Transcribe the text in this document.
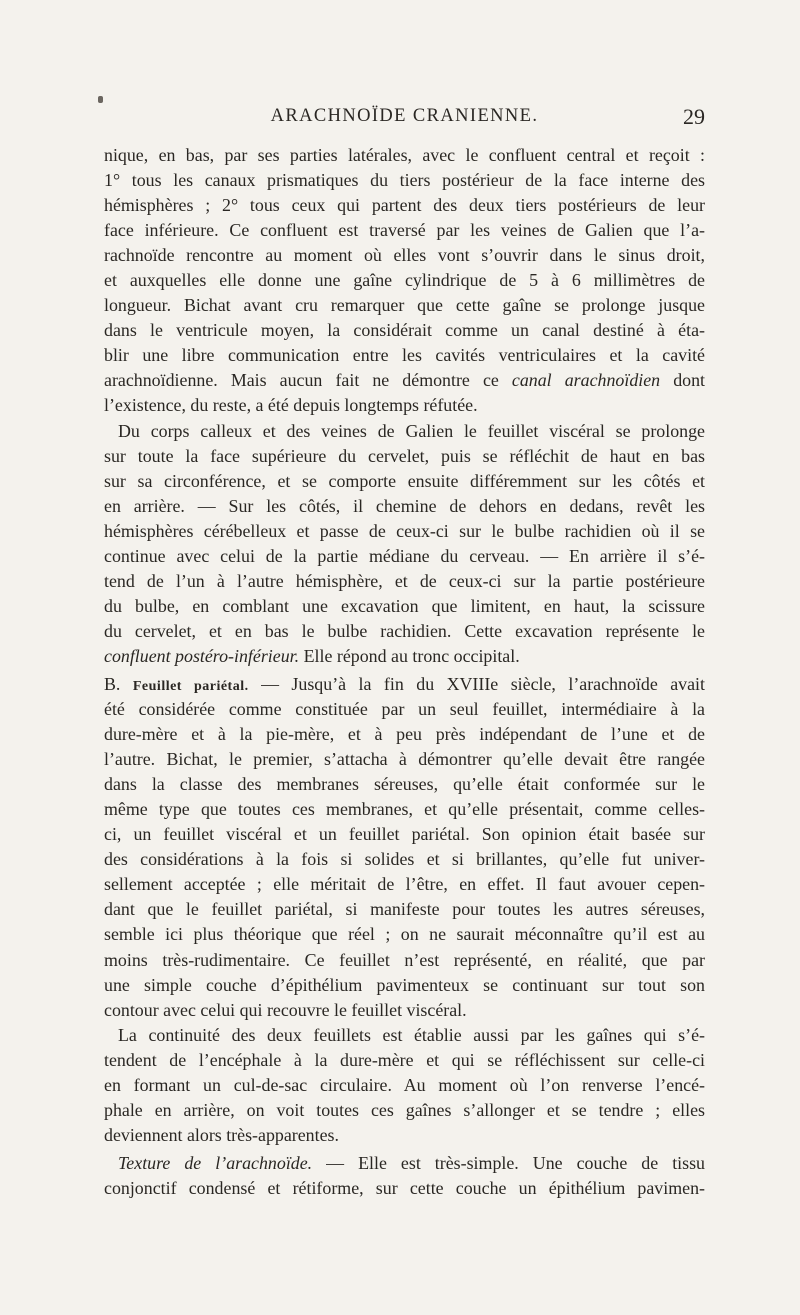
ARACHNOÏDE CRANIENNE.	29
nique, en bas, par ses parties latérales, avec le confluent central et reçoit :
1° tous les canaux prismatiques du tiers postérieur de la face interne des
hémisphères ; 2° tous ceux qui partent des deux tiers postérieurs de leur
face inférieure. Ce confluent est traversé par les veines de Galien que l’a-
rachnoïde rencontre au moment où elles vont s’ouvrir dans le sinus droit,
et auxquelles elle donne une gaîne cylindrique de 5 à 6 millimètres de
longueur. Bichat avant cru remarquer que cette gaîne se prolonge jusque
dans le ventricule moyen, la considérait comme un canal destiné à éta-
blir une libre communication entre les cavités ventriculaires et la cavité
arachnoïdienne. Mais aucun fait ne démontre ce canal arachnoïdien dont
l’existence, du reste, a été depuis longtemps réfutée.
Du corps calleux et des veines de Galien le feuillet viscéral se prolonge
sur toute la face supérieure du cervelet, puis se réfléchit de haut en bas
sur sa circonférence, et se comporte ensuite différemment sur les côtés et
en arrière. — Sur les côtés, il chemine de dehors en dedans, revêt les
hémisphères cérébelleux et passe de ceux-ci sur le bulbe rachidien où il se
continue avec celui de la partie médiane du cerveau. — En arrière il s’é-
tend de l’un à l’autre hémisphère, et de ceux-ci sur la partie postérieure
du bulbe, en comblant une excavation que limitent, en haut, la scissure
du cervelet, et en bas le bulbe rachidien. Cette excavation représente le
confluent postéro-inférieur. Elle répond au tronc occipital.
B. Feuillet pariétal. — Jusqu’à la fin du XVIIIe siècle, l’arachnoïde avait
été considérée comme constituée par un seul feuillet, intermédiaire à la
dure-mère et à la pie-mère, et à peu près indépendant de l’une et de
l’autre. Bichat, le premier, s’attacha à démontrer qu’elle devait être rangée
dans la classe des membranes séreuses, qu’elle était conformée sur le
même type que toutes ces membranes, et qu’elle présentait, comme celles-
ci, un feuillet viscéral et un feuillet pariétal. Son opinion était basée sur
des considérations à la fois si solides et si brillantes, qu’elle fut univer-
sellement acceptée ; elle méritait de l’être, en effet. Il faut avouer cepen-
dant que le feuillet pariétal, si manifeste pour toutes les autres séreuses,
semble ici plus théorique que réel ; on ne saurait méconnaître qu’il est au
moins très-rudimentaire. Ce feuillet n’est représenté, en réalité, que par
une simple couche d’épithélium pavimenteux se continuant sur tout son
contour avec celui qui recouvre le feuillet viscéral.
La continuité des deux feuillets est établie aussi par les gaînes qui s’é-
tendent de l’encéphale à la dure-mère et qui se réfléchissent sur celle-ci
en formant un cul-de-sac circulaire. Au moment où l’on renverse l’encé-
phale en arrière, on voit toutes ces gaînes s’allonger et se tendre ; elles
deviennent alors très-apparentes.
Texture de l’arachnoïde. — Elle est très-simple. Une couche de tissu
conjonctif condensé et rétiforme, sur cette couche un épithélium pavimen-
